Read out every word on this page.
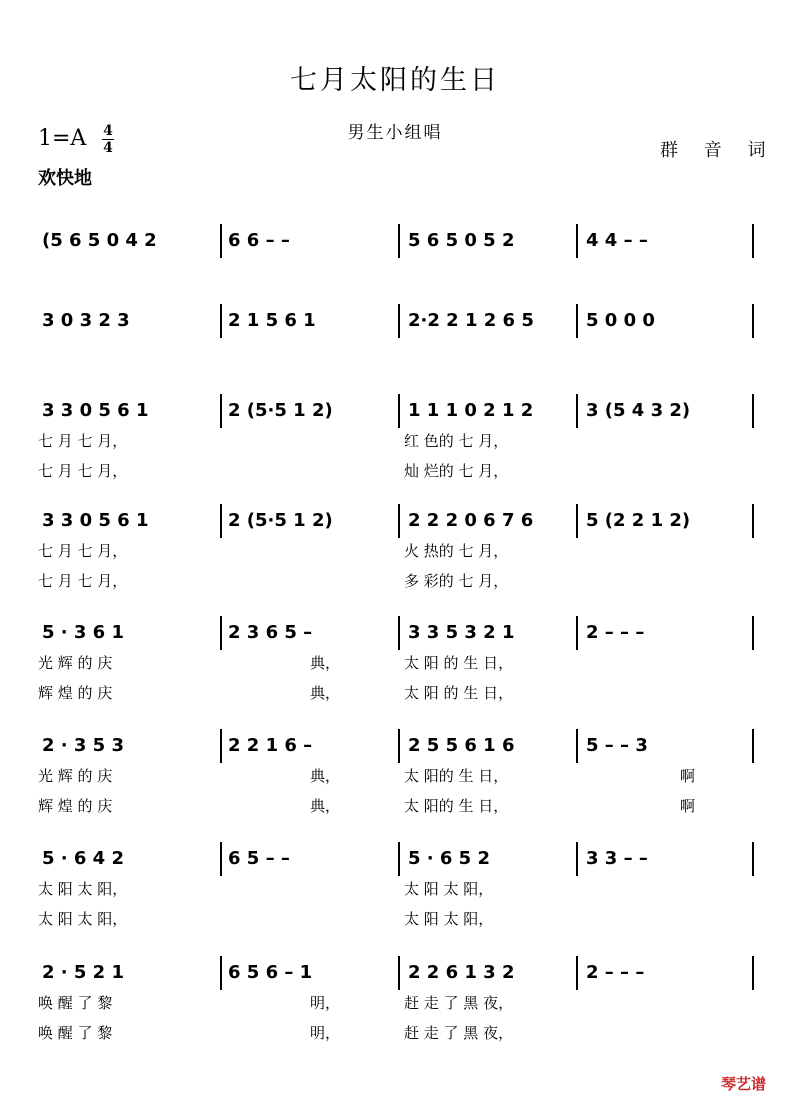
七月太阳的生日
男生小组唱
1=A 4
4
欢快地
群 音 词
(5 6 5 0 4 2	6 6 – –	5 6 5 0 5 2	4 4 – –
3 0 3 2 3	2 1 5 6 1	2·2 2 1 2 6 5	5 0 0 0
3 3 0 5 6 1	2 (5·5 1 2)	1 1 1 0 2 1 2	3 (5 4 3 2)
七 月 七 月，	红 色的 七 月，
七 月 七 月，	灿 烂的 七 月，
3 3 0 5 6 1	2 (5·5 1 2)	2 2 2 0 6 7 6	5 (2 2 1 2)
七 月 七 月，	火 热的 七 月，
七 月 七 月，	多 彩的 七 月，
5 · 3 6 1	2 3 6 5 –	3 3 5 3 2 1	2 – – –
光 辉 的 庆	典，	太 阳 的 生 日，
辉 煌 的 庆	典，	太 阳 的 生 日，
2 · 3 5 3	2 2 1 6 –	2 5 5 6 1 6	5 – – 3
光 辉 的 庆	典，	太 阳的 生 日，	啊
辉 煌 的 庆	典，	太 阳的 生 日，	啊
5 · 6 4 2	6 5 – –	5 · 6 5 2	3 3 – –
太 阳 太 阳，	太 阳 太 阳，
太 阳 太 阳，	太 阳 太 阳，
2 · 5 2 1	6 5 6 – 1	2 2 6 1 3 2	2 – – –
唤 醒 了 黎	明，	赶 走 了 黑 夜，
唤 醒 了 黎	明，	赶 走 了 黑 夜，
琴艺谱
